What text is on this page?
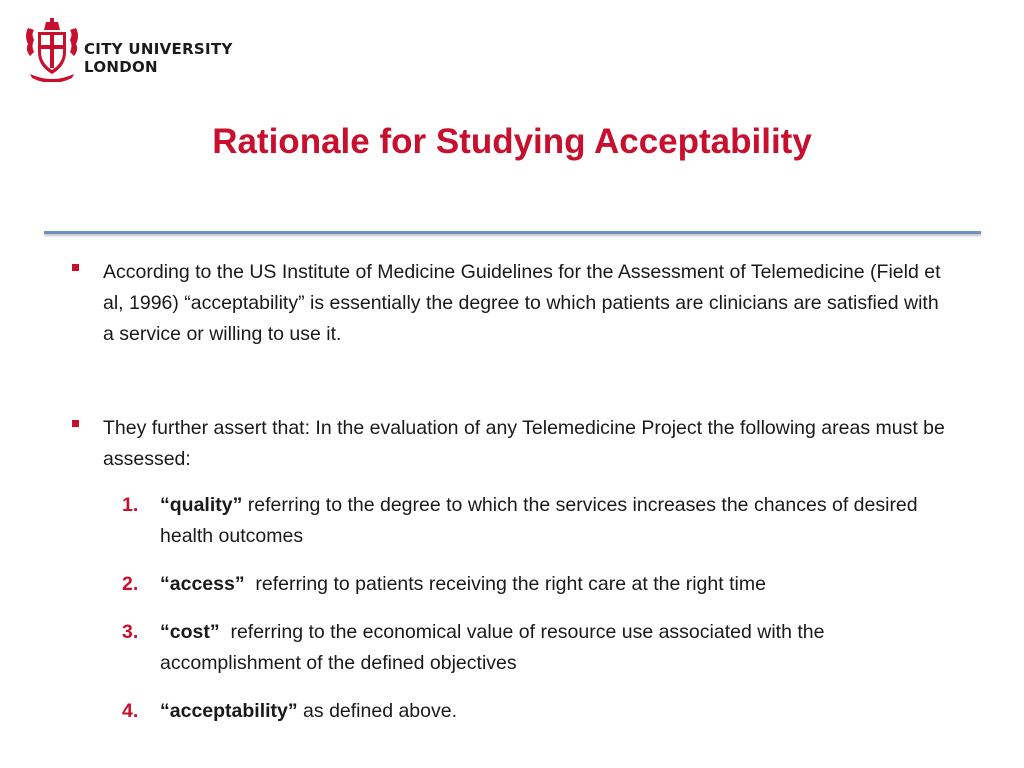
CITY UNIVERSITY
LONDON
Rationale for Studying Acceptability
According to the US Institute of Medicine Guidelines for the Assessment of Telemedicine (Field et al, 1996) “acceptability” is essentially the degree to which patients are clinicians are satisfied with a service or willing to use it.
They further assert that: In the evaluation of any Telemedicine Project the following areas must be assessed:
1.	“quality” referring to the degree to which the services increases the chances of desired health outcomes
2.	“access”  referring to patients receiving the right care at the right time
3.	“cost”  referring to the economical value of resource use associated with the accomplishment of the defined objectives
4.	“acceptability” as defined above.
